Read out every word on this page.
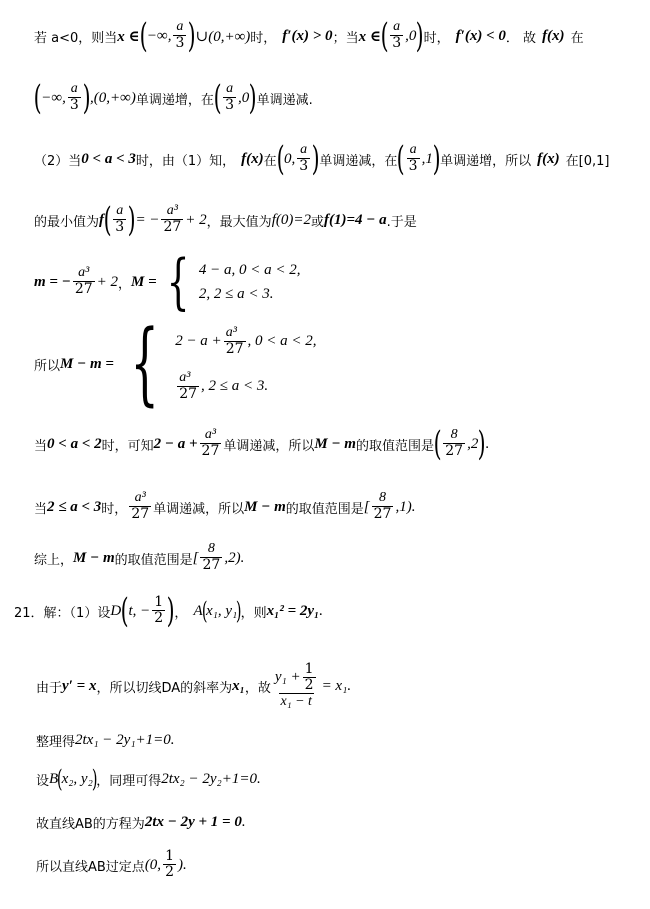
若 a<0，则当 x ∈ ( −∞, $\frac{a}{3}$ ) ∪(0,+∞) 时， f′(x) > 0 ；当 x ∈ ( $\frac{a}{3} ,0$ ) 时， f′(x) < 0 ． 故 f(x) 在
( −∞, $\frac{a}{3}$ ) ,(0,+∞) 单调递增，在 ( $\frac{a}{3} ,0$ ) 单调递减.
（2）当 0 < a < 3 时，由（1）知， f(x) 在 ( 0, $\frac{a}{3}$ ) 单调递减，在 ( $\frac{a}{3} ,1$ ) 单调递增，所以 f(x) 在[0,1]
的最小值为 f ( $\frac{a}{3}$ ) = − $\frac{\text{a³}}{27} + 2$ ，最大值为 f(0)=2 或 f(1)=4 − a .于是
m = − $\frac{\text{a³}}{27} + 2$ ， M = { 4 − a, 0 < a < 2,
2, 2 ≤ a < 3.
所以 M − m = { $2 - a + \frac{\text{a³}}{27}$ , 0 < a < 2,
$\frac{\text{a³}}{27}$ , 2 ≤ a < 3.
当 0 < a < 2 时，可知 $2 - a + \frac{\text{a³}}{27}$ 单调递减，所以 M − m 的取值范围是 ( $\frac{8}{27} ,2$ ) .
当 2 ≤ a < 3 时， $\frac{\text{a³}}{27}$ 单调递减，所以 M − m 的取值范围是 [ $\frac{8}{27} ,1$) .
综上， M − m 的取值范围是 [ $\frac{8}{27} ,2$) .
21．解：（1）设 D ( t, − $\frac{1}{2}$ ) ， A
(
x₁, y₁
)
，则 x₁² = 2y₁ .
由于 y′ = x ，所以切线DA的斜率为 x₁ ，故 $\frac{y_1 + \frac{1}{2}}{\text{x₁ − t}} = x_1$ .
整理得 2tx₁ − 2y₁+1=0.
设 B
(
x₂, y₂
)
，同理可得 2tx₂ − 2y₂+1=0 .
故直线AB的方程为 2tx − 2y + 1 = 0 .
所以直线AB过定点 (0, $\frac{1}{2}$ ) .
